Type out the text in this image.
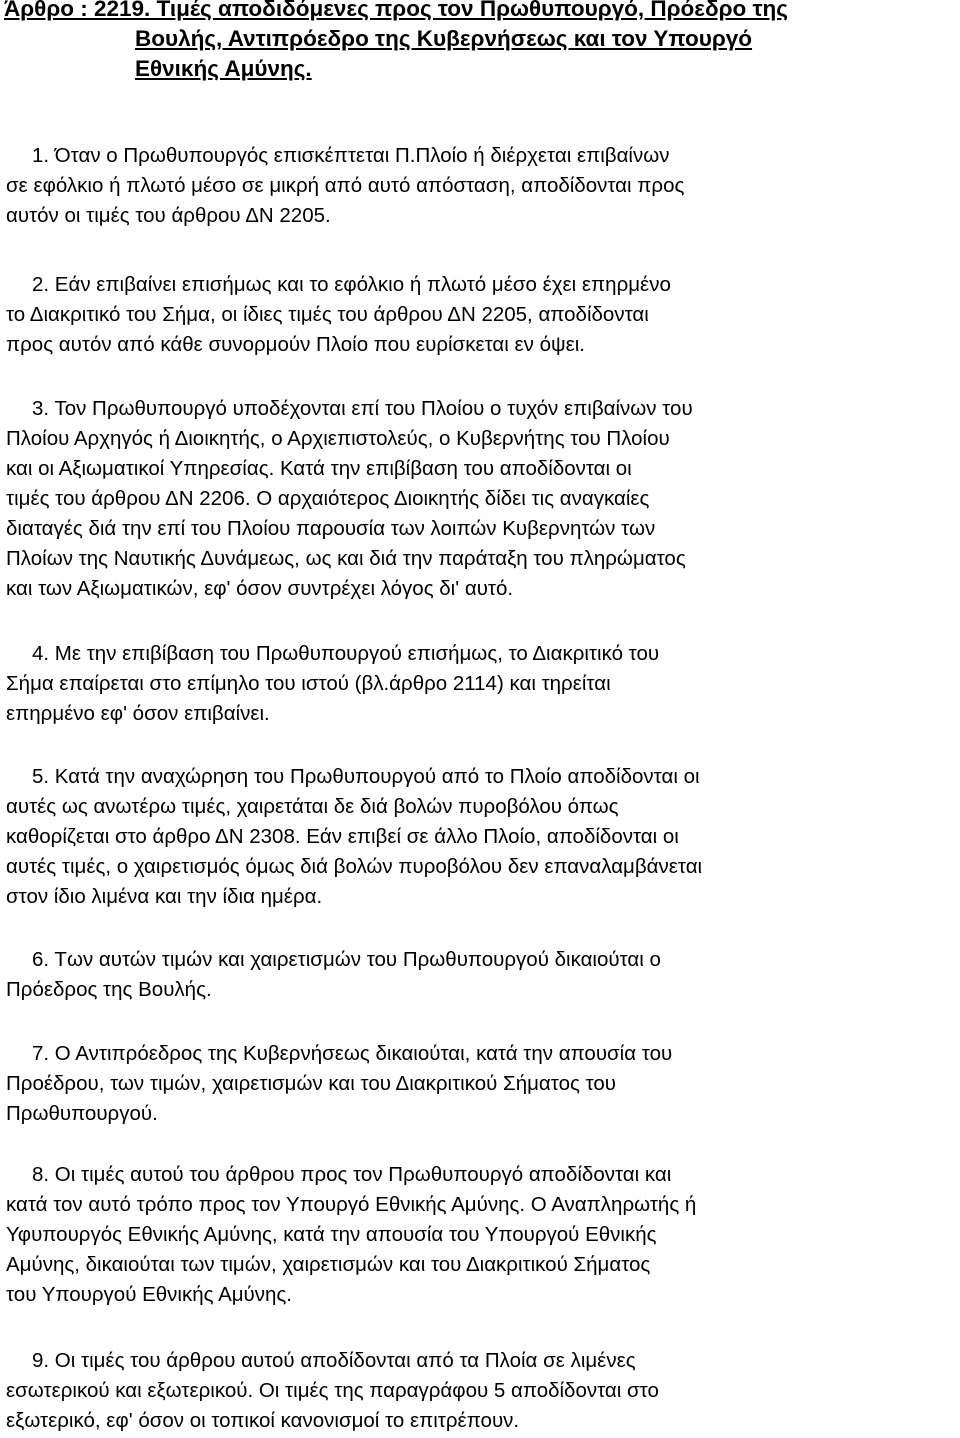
Άρθρο : 2219. Τιμές αποδιδόμενες προς τον Πρωθυπουργό, Πρόεδρο της
Βουλής, Αντιπρόεδρο της Κυβερνήσεως και τον Υπουργό
Εθνικής Αμύνης.

1. Όταν ο Πρωθυπουργός επισκέπτεται Π.Πλοίο ή διέρχεται επιβαίνων
σε εφόλκιο ή πλωτό μέσο σε μικρή από αυτό απόσταση, αποδίδονται προς
αυτόν οι τιμές του άρθρου ΔΝ 2205.

2. Εάν επιβαίνει επισήμως και το εφόλκιο ή πλωτό μέσο έχει επηρμένο
το Διακριτικό του Σήμα, οι ίδιες τιμές του άρθρου ΔΝ 2205, αποδίδονται
προς αυτόν από κάθε συνορμούν Πλοίο που ευρίσκεται εν όψει.

3. Τον Πρωθυπουργό υποδέχονται επί του Πλοίου ο τυχόν επιβαίνων του
Πλοίου Αρχηγός ή Διοικητής, ο Αρχιεπιστολεύς, ο Κυβερνήτης του Πλοίου
και οι Αξιωματικοί Υπηρεσίας. Κατά την επιβίβαση του αποδίδονται οι
τιμές του άρθρου ΔΝ 2206. Ο αρχαιότερος Διοικητής δίδει τις αναγκαίες
διαταγές διά την επί του Πλοίου παρουσία των λοιπών Κυβερνητών των
Πλοίων της Ναυτικής Δυνάμεως, ως και διά την παράταξη του πληρώματος
και των Αξιωματικών, εφ' όσον συντρέχει λόγος δι' αυτό.

4. Με την επιβίβαση του Πρωθυπουργού επισήμως, το Διακριτικό του
Σήμα επαίρεται στο επίμηλο του ιστού (βλ.άρθρο 2114) και τηρείται
επηρμένο εφ' όσον επιβαίνει.

5. Κατά την αναχώρηση του Πρωθυπουργού από το Πλοίο αποδίδονται οι
αυτές ως ανωτέρω τιμές, χαιρετάται δε διά βολών πυροβόλου όπως
καθορίζεται στο άρθρο ΔΝ 2308. Εάν επιβεί σε άλλο Πλοίο, αποδίδονται οι
αυτές τιμές, ο χαιρετισμός όμως διά βολών πυροβόλου δεν επαναλαμβάνεται
στον ίδιο λιμένα και την ίδια ημέρα.

6. Των αυτών τιμών και χαιρετισμών του Πρωθυπουργού δικαιούται ο
Πρόεδρος της Βουλής.

7. Ο Αντιπρόεδρος της Κυβερνήσεως δικαιούται, κατά την απουσία του
Προέδρου, των τιμών, χαιρετισμών και του Διακριτικού Σήματος του
Πρωθυπουργού.

8. Οι τιμές αυτού του άρθρου προς τον Πρωθυπουργό αποδίδονται και
κατά τον αυτό τρόπο προς τον Υπουργό Εθνικής Αμύνης. Ο Αναπληρωτής ή
Υφυπουργός Εθνικής Αμύνης, κατά την απουσία του Υπουργού Εθνικής
Αμύνης, δικαιούται των τιμών, χαιρετισμών και του Διακριτικού Σήματος
του Υπουργού Εθνικής Αμύνης.

9. Οι τιμές του άρθρου αυτού αποδίδονται από τα Πλοία σε λιμένες
εσωτερικού και εξωτερικού. Οι τιμές της παραγράφου 5 αποδίδονται στο
εξωτερικό, εφ' όσον οι τοπικοί κανονισμοί το επιτρέπουν.
